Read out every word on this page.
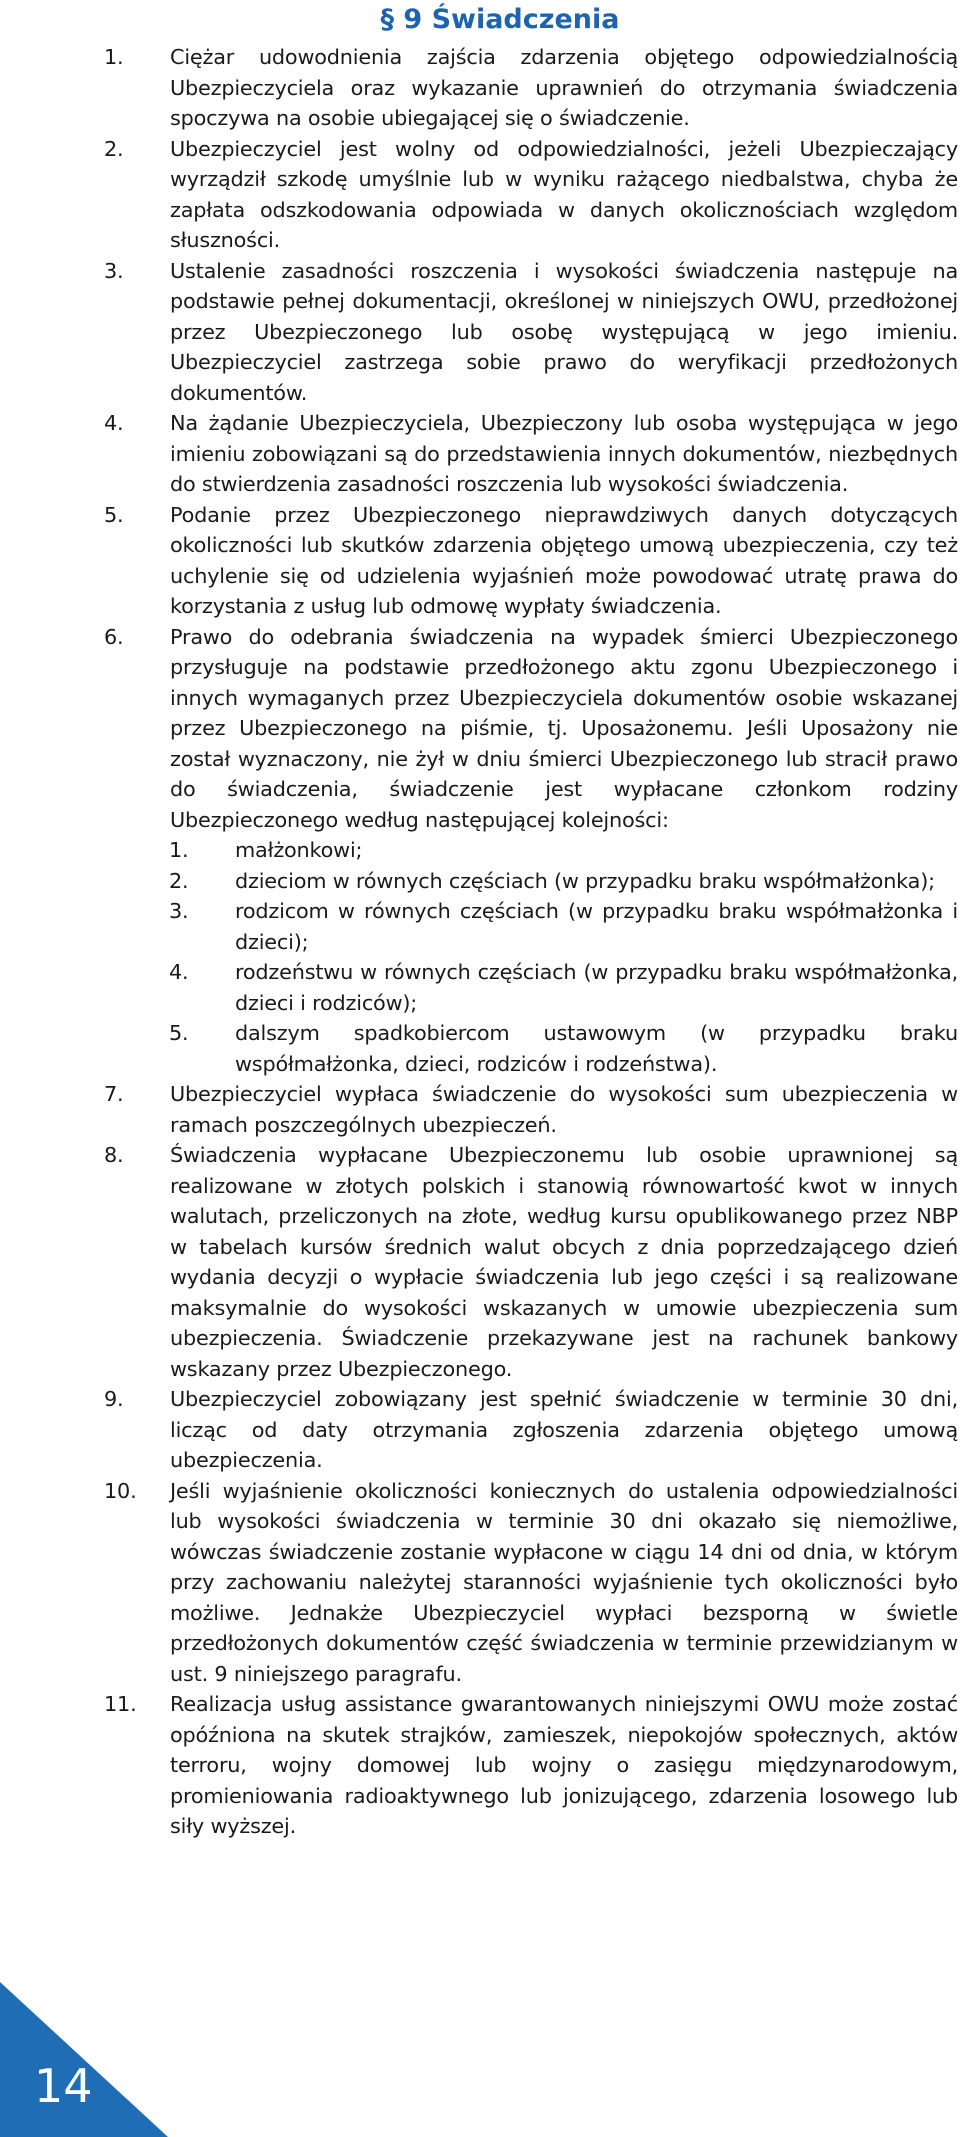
§ 9 Świadczenia
1.	Ciężar udowodnienia zajścia zdarzenia objętego odpowiedzialnością Ubezpieczyciela oraz wykazanie uprawnień do otrzymania świadczenia spoczywa na osobie ubiegającej się o świadczenie.

2.	Ubezpieczyciel jest wolny od odpowiedzialności, jeżeli Ubezpieczający wyrządził szkodę umyślnie lub w wyniku rażącego niedbalstwa, chyba że zapłata odszkodowania odpowiada w danych okolicznościach względom słuszności.

3.	Ustalenie zasadności roszczenia i wysokości świadczenia następuje na podstawie pełnej dokumentacji, określonej w niniejszych OWU, przedłożonej przez Ubezpieczonego lub osobę występującą w jego imieniu. Ubezpieczyciel zastrzega sobie prawo do weryfikacji przedłożonych dokumentów.

4.	Na żądanie Ubezpieczyciela, Ubezpieczony lub osoba występująca w jego imieniu zobowiązani są do przedstawienia innych dokumentów, niezbędnych do stwierdzenia zasadności roszczenia lub wysokości świadczenia.

5.	Podanie przez Ubezpieczonego nieprawdziwych danych dotyczących okoliczności lub skutków zdarzenia objętego umową ubezpieczenia, czy też uchylenie się od udzielenia wyjaśnień może powodować utratę prawa do korzystania z usług lub odmowę wypłaty świadczenia.

6.	Prawo do odebrania świadczenia na wypadek śmierci Ubezpieczonego przysługuje na podstawie przedłożonego aktu zgonu Ubezpieczonego i innych wymaganych przez Ubezpieczyciela dokumentów osobie wskazanej przez Ubezpieczonego na piśmie, tj. Uposażonemu. Jeśli Uposażony nie został wyznaczony, nie żył w dniu śmierci Ubezpieczonego lub stracił prawo do świadczenia, świadczenie jest wypłacane członkom rodziny Ubezpieczonego według następującej kolejności:

1.	małżonkowi;
2.	dzieciom w równych częściach (w przypadku braku współmałżonka);
3.	rodzicom w równych częściach (w przypadku braku współmałżonka i dzieci);
4.	rodzeństwu w równych częściach (w przypadku braku współmałżonka, dzieci i rodziców);
5.	dalszym spadkobiercom ustawowym (w przypadku braku współmałżonka, dzieci, rodziców i rodzeństwa).
7.	Ubezpieczyciel wypłaca świadczenie do wysokości sum ubezpieczenia w ramach poszczególnych ubezpieczeń.

8.	Świadczenia wypłacane Ubezpieczonemu lub osobie uprawnionej są realizowane w złotych polskich i stanowią równowartość kwot w innych walutach, przeliczonych na złote, według kursu opublikowanego przez NBP w tabelach kursów średnich walut obcych z dnia poprzedzającego dzień wydania decyzji o wypłacie świadczenia lub jego części i są realizowane maksymalnie do wysokości wskazanych w umowie ubezpieczenia sum ubezpieczenia. Świadczenie przekazywane jest na rachunek bankowy wskazany przez Ubezpieczonego.

9.	Ubezpieczyciel zobowiązany jest spełnić świadczenie w terminie 30 dni, licząc od daty otrzymania zgłoszenia zdarzenia objętego umową ubezpieczenia.

10.	Jeśli wyjaśnienie okoliczności koniecznych do ustalenia odpowiedzialności lub wysokości świadczenia w terminie 30 dni okazało się niemożliwe, wówczas świadczenie zostanie wypłacone w ciągu 14 dni od dnia, w którym przy zachowaniu należytej staranności wyjaśnienie tych okoliczności było możliwe. Jednakże Ubezpieczyciel wypłaci bezsporną w świetle przedłożonych dokumentów część świadczenia w terminie przewidzianym w ust. 9 niniejszego paragrafu.

11.	Realizacja usług assistance gwarantowanych niniejszymi OWU może zostać opóźniona na skutek strajków, zamieszek, niepokojów społecznych, aktów terroru, wojny domowej lub wojny o zasięgu międzynarodowym, promieniowania radioaktywnego lub jonizującego, zdarzenia losowego lub siły wyższej.

14
